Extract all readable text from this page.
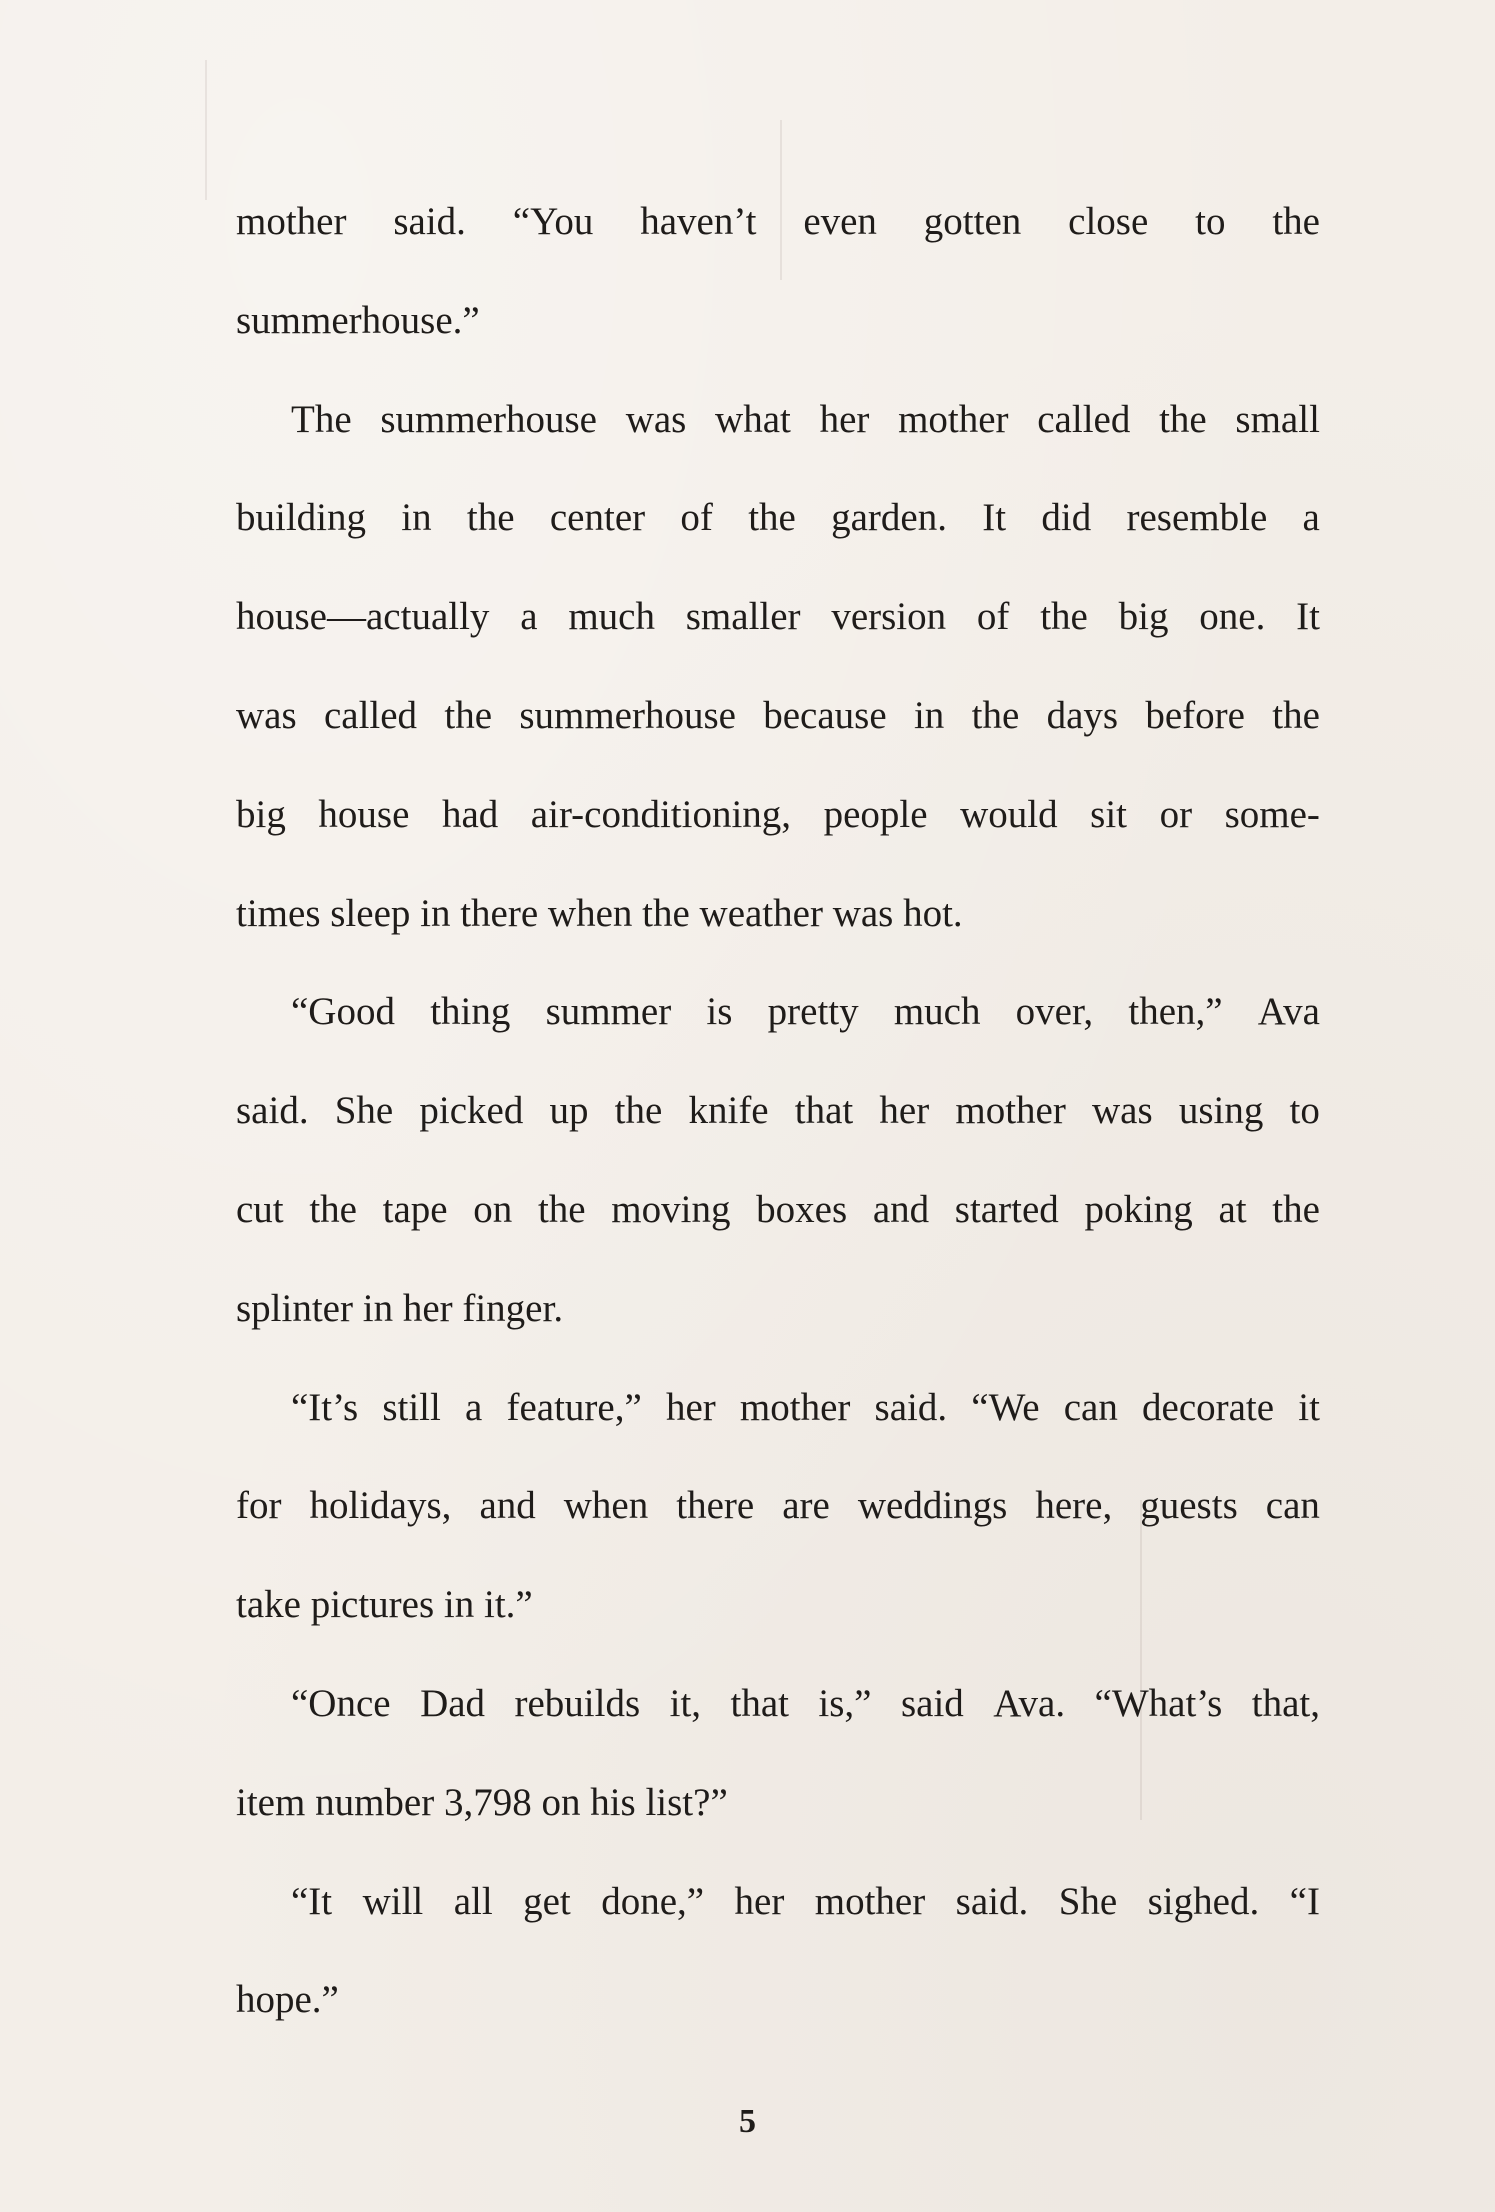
mother said. “You haven’t even gotten close to the
summerhouse.”
The summerhouse was what her mother called the small
building in the center of the garden. It did resemble a
house—actually a much smaller version of the big one. It
was called the summerhouse because in the days before the
big house had air-conditioning, people would sit or some-
times sleep in there when the weather was hot.
“Good thing summer is pretty much over, then,” Ava
said. She picked up the knife that her mother was using to
cut the tape on the moving boxes and started poking at the
splinter in her finger.
“It’s still a feature,” her mother said. “We can decorate it
for holidays, and when there are weddings here, guests can
take pictures in it.”
“Once Dad rebuilds it, that is,” said Ava. “What’s that,
item number 3,798 on his list?”
“It will all get done,” her mother said. She sighed. “I
hope.”
5
